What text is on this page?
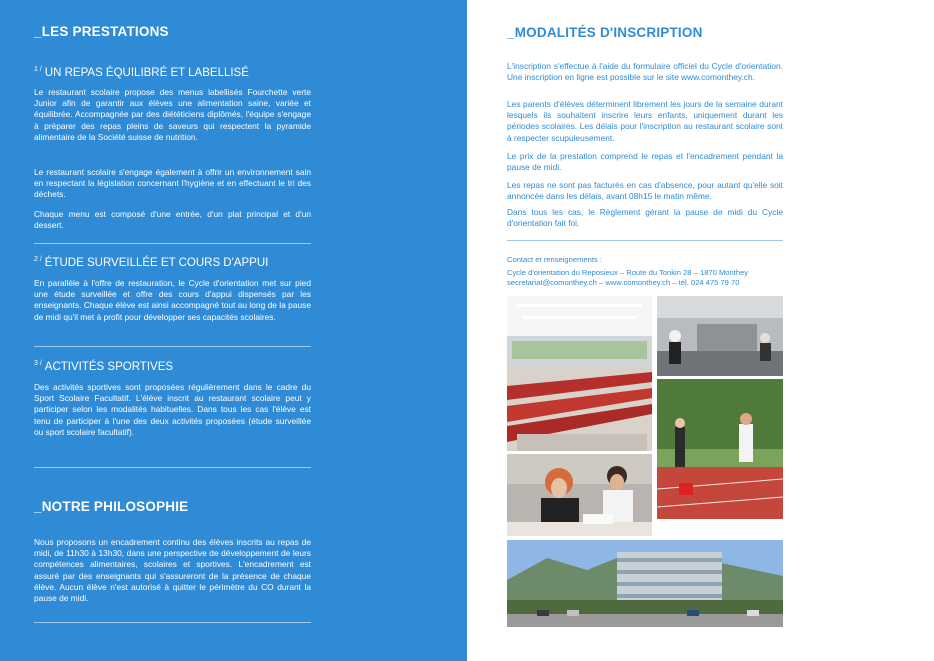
_LES PRESTATIONS
$^{1 /}$ UN REPAS ÉQUILIBRÉ ET LABELLISÉ

Le restaurant scolaire propose des menus labellisés Fourchette verte Junior afin de garantir aux élèves une alimentation saine, variée et équilibrée. Accompagnée par des diététiciens diplômés, l'équipe s'engage à préparer des repas pleins de saveurs qui respectent la pyramide alimentaire de la Société suisse de nutrition.

Le restaurant scolaire s'engage également à offrir un environnement sain en respectant la législation concernant l'hygiène et en effectuant le tri des déchets.

Chaque menu est composé d'une entrée, d'un plat principal et d'un dessert.

$^{2 /}$ ÉTUDE SURVEILLÉE ET COURS D'APPUI

En parallèle à l'offre de restauration, le Cycle d'orientation met sur pied une étude surveillée et offre des cours d'appui dispensés par les enseignants. Chaque élève est ainsi accompagné tout au long de la pause de midi qu'il met à profit pour développer ses capacités scolaires.

$^{3 /}$ ACTIVITÉS SPORTIVES

Des activités sportives sont proposées régulièrement dans le cadre du Sport Scolaire Facultatif. L'élève inscrit au restaurant scolaire peut y participer selon les modalités habituelles. Dans tous les cas l'élève est tenu de participer à l'une des deux activités proposées (étude surveillée ou sport scolaire facultatif).

_NOTRE PHILOSOPHIE

Nous proposons un encadrement continu des élèves inscrits au repas de midi, de 11h30 à 13h30, dans une perspective de développement de leurs compétences alimentaires, scolaires et sportives. L'encadrement est assuré par des enseignants qui s'assureront de la présence de chaque élève. Aucun élève n'est autorisé à quitter le périmètre du CO durant la pause de midi.

_MODALITÉS D'INSCRIPTION

L'inscription s'effectue à l'aide du formulaire officiel du Cycle d'orientation. Une inscription en ligne est possible sur le site www.comonthey.ch.

Les parents d'élèves déterminent librement les jours de la semaine durant lesquels ils souhaitent inscrire leurs enfants, uniquement durant les périodes scolaires. Les délais pour l'inscription au restaurant scolaire sont à respecter scupuleusement.

Le prix de la prestation comprend le repas et l'encadrement pendant la pause de midi.

Les repas ne sont pas facturés en cas d'absence, pour autant qu'elle soit annoncée dans les délais, avant 08h15 le matin même.

Dans tous les cas, le Règlement gérant la pause de midi du Cycle d'orientation fait foi.

Contact et renseignements :

Cycle d'orientation du Reposieux – Route du Tonkin 28 – 1870 Monthey

secretariat@comonthey.ch – www.comonthey.ch – tél. 024 475 79 70
